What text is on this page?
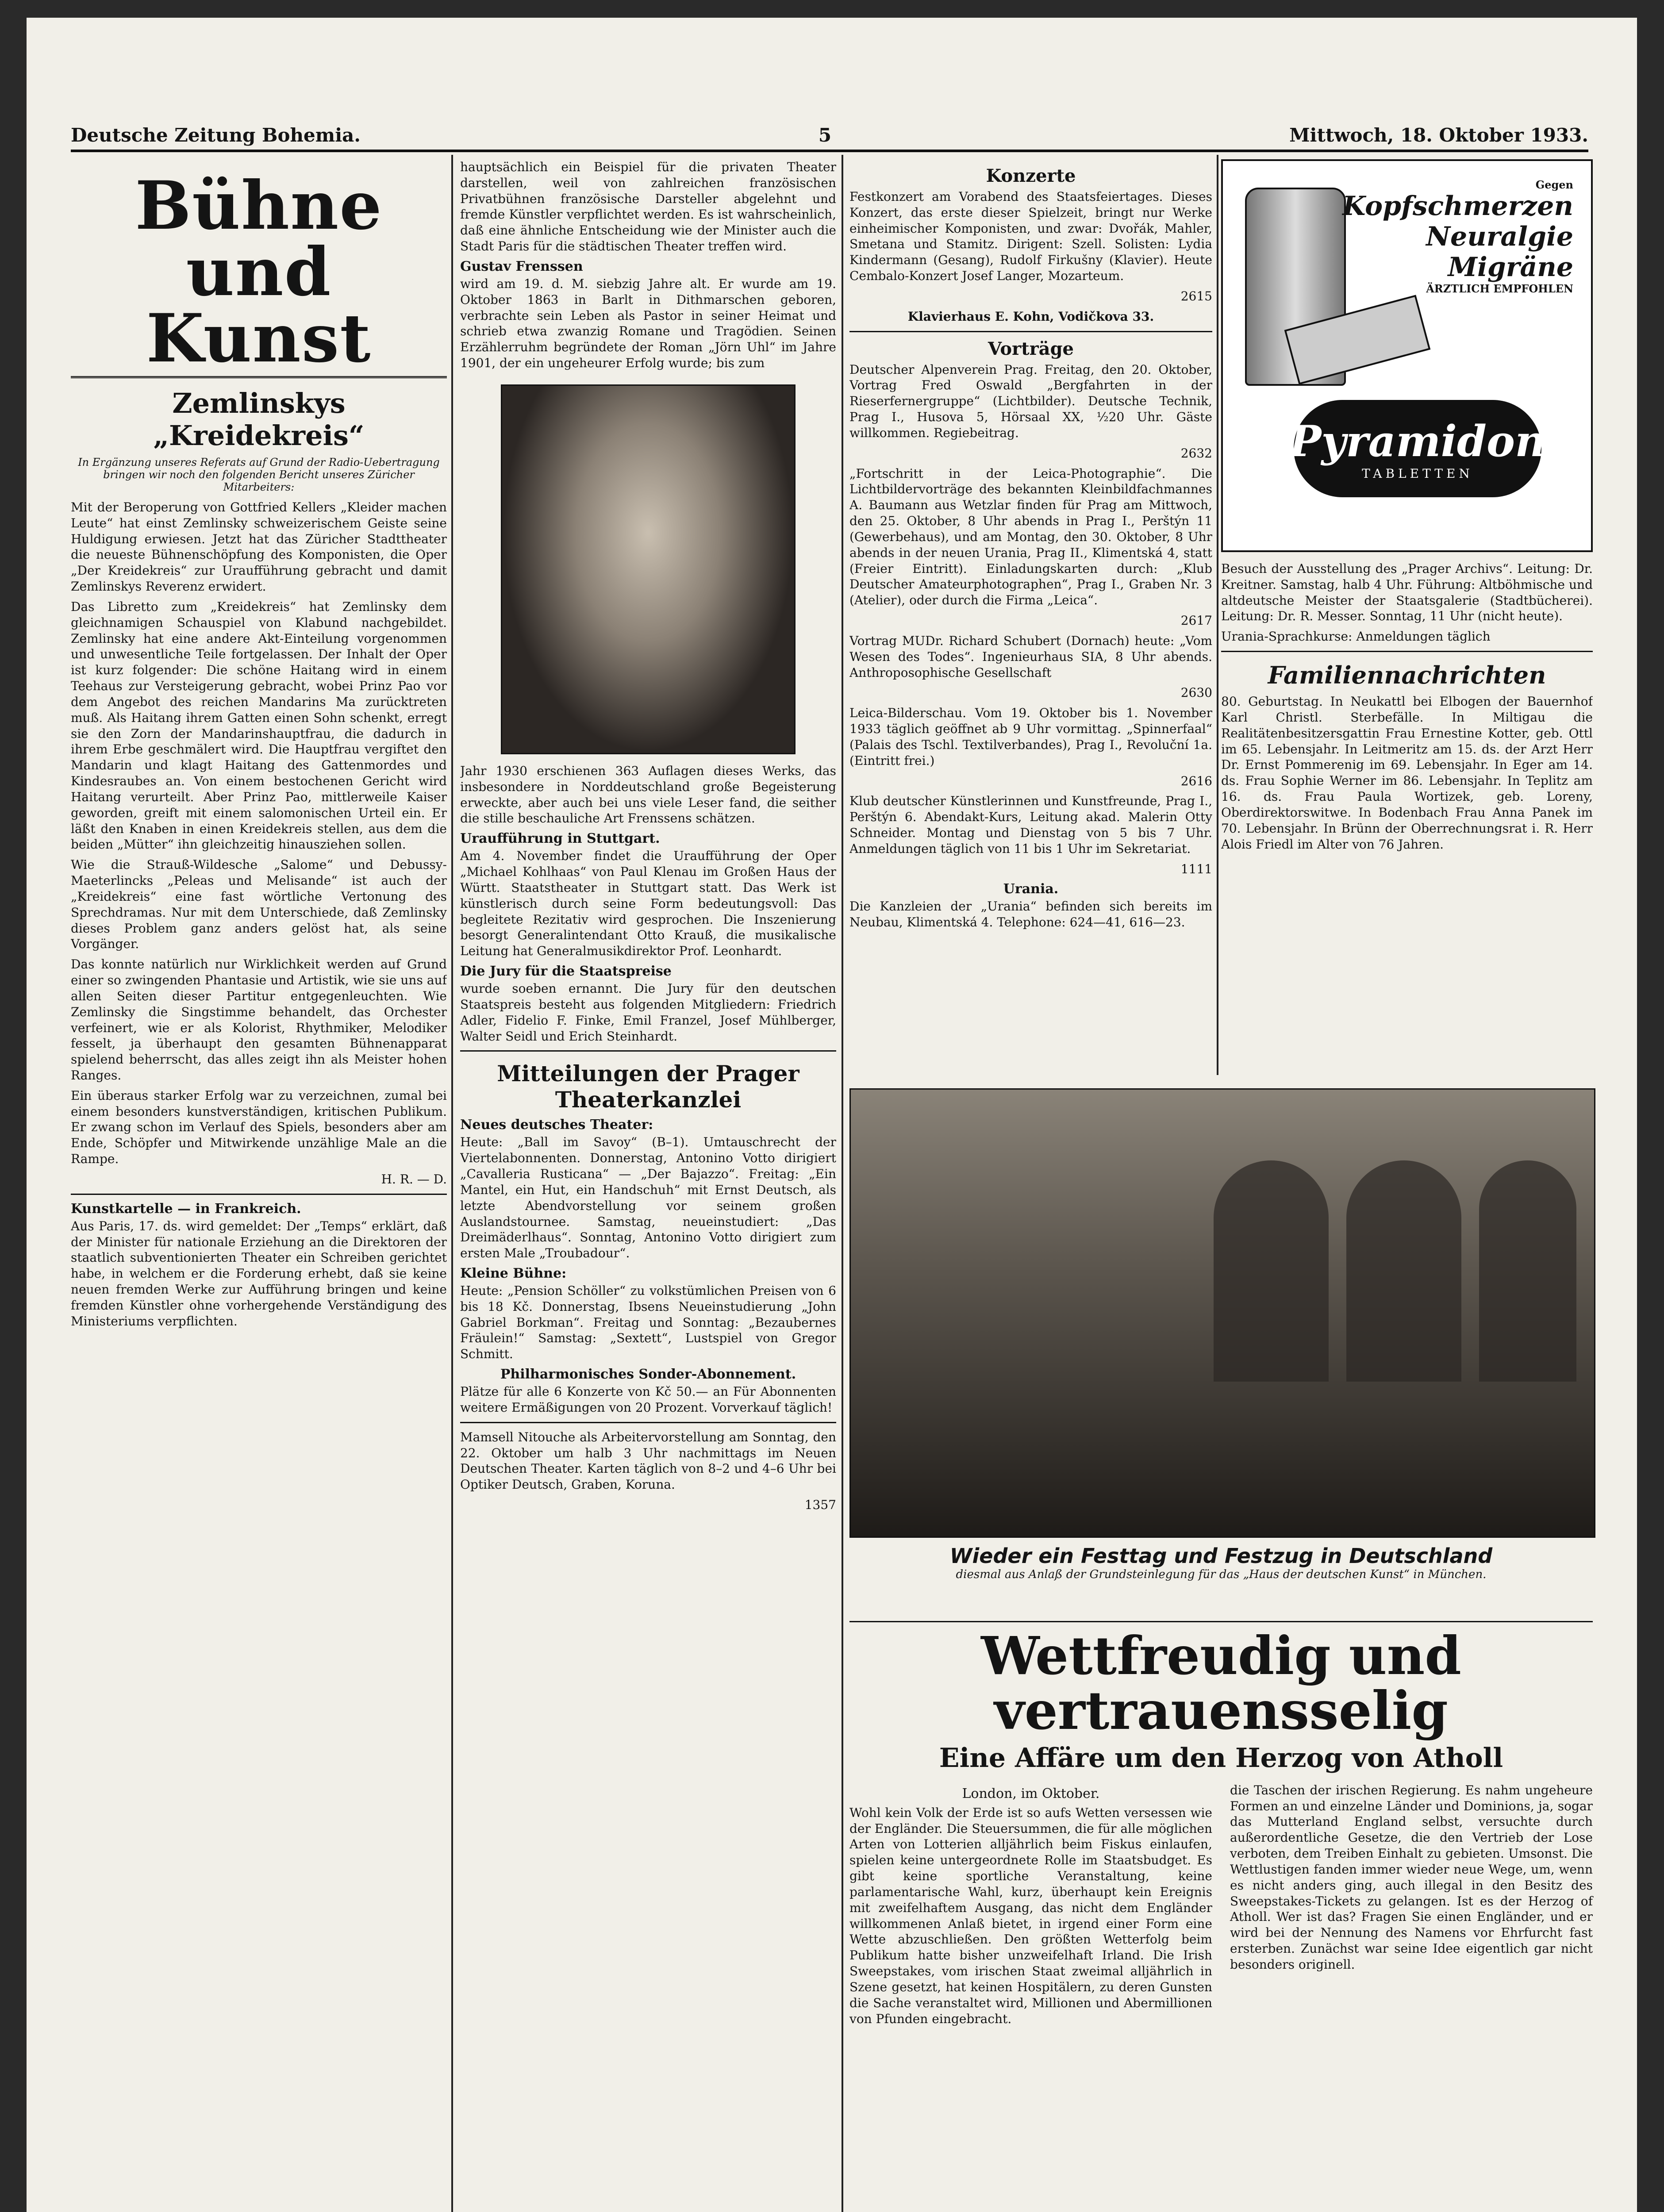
Deutsche Zeitung Bohemia.	5	Mittwoch, 18. Oktober 1933.
Bühne und Kunst
Zemlinskys „Kreidekreis“
In Ergänzung unseres Referats auf Grund der Radio-Uebertragung bringen wir noch den folgenden Bericht unseres Züricher Mitarbeiters:

Mit der Beroperung von Gottfried Kellers „Kleider machen Leute“ hat einst Zemlinsky schweizerischem Geiste seine Huldigung erwiesen. Jetzt hat das Züricher Stadttheater die neueste Bühnenschöpfung des Komponisten, die Oper „Der Kreidekreis“ zur Uraufführung gebracht und damit Zemlinskys Reverenz erwidert.

Das Libretto zum „Kreidekreis“ hat Zemlinsky dem gleichnamigen Schauspiel von Klabund nachgebildet. Zemlinsky hat eine andere Akt-Einteilung vorgenommen und unwesentliche Teile fortgelassen. Der Inhalt der Oper ist kurz folgender: Die schöne Haitang wird in einem Teehaus zur Versteigerung gebracht, wobei Prinz Pao vor dem Angebot des reichen Mandarins Ma zurücktreten muß. Als Haitang ihrem Gatten einen Sohn schenkt, erregt sie den Zorn der Mandarinshauptfrau, die dadurch in ihrem Erbe geschmälert wird. Die Hauptfrau vergiftet den Mandarin und klagt Haitang des Gattenmordes und Kindesraubes an. Von einem bestochenen Gericht wird Haitang verurteilt. Aber Prinz Pao, mittlerweile Kaiser geworden, greift mit einem salomonischen Urteil ein. Er läßt den Knaben in einen Kreidekreis stellen, aus dem die beiden „Mütter“ ihn gleichzeitig hinausziehen sollen.

Wie die Strauß-Wildesche „Salome“ und Debussy-Maeterlincks „Peleas und Melisande“ ist auch der „Kreidekreis“ eine fast wörtliche Vertonung des Sprechdramas. Nur mit dem Unterschiede, daß Zemlinsky dieses Problem ganz anders gelöst hat, als seine Vorgänger.

Das konnte natürlich nur Wirklichkeit werden auf Grund einer so zwingenden Phantasie und Artistik, wie sie uns auf allen Seiten dieser Partitur entgegenleuchten. Wie Zemlinsky die Singstimme behandelt, das Orchester verfeinert, wie er als Kolorist, Rhythmiker, Melodiker fesselt, ja überhaupt den gesamten Bühnenapparat spielend beherrscht, das alles zeigt ihn als Meister hohen Ranges.

Ein überaus starker Erfolg war zu verzeichnen, zumal bei einem besonders kunstverständigen, kritischen Publikum. Er zwang schon im Verlauf des Spiels, besonders aber am Ende, Schöpfer und Mitwirkende unzählige Male an die Rampe.

H. R. — D.

Kunstkartelle — in Frankreich.

Aus Paris, 17. ds. wird gemeldet: Der „Temps“ erklärt, daß der Minister für nationale Erziehung an die Direktoren der staatlich subventionierten Theater ein Schreiben gerichtet habe, in welchem er die Forderung erhebt, daß sie keine neuen fremden Werke zur Aufführung bringen und keine fremden Künstler ohne vorhergehende Verständigung des Ministeriums verpflichten.

hauptsächlich ein Beispiel für die privaten Theater darstellen, weil von zahlreichen französischen Privatbühnen französische Darsteller abgelehnt und fremde Künstler verpflichtet werden. Es ist wahrscheinlich, daß eine ähnliche Entscheidung wie der Minister auch die Stadt Paris für die städtischen Theater treffen wird.

Gustav Frenssen

wird am 19. d. M. siebzig Jahre alt. Er wurde am 19. Oktober 1863 in Barlt in Dithmarschen geboren, verbrachte sein Leben als Pastor in seiner Heimat und schrieb etwa zwanzig Romane und Tragödien. Seinen Erzählerruhm begründete der Roman „Jörn Uhl“ im Jahre 1901, der ein ungeheurer Erfolg wurde; bis zum

Jahr 1930 erschienen 363 Auflagen dieses Werks, das insbesondere in Norddeutschland große Begeisterung erweckte, aber auch bei uns viele Leser fand, die seither die stille beschauliche Art Frenssens schätzen.

Uraufführung in Stuttgart.

Am 4. November findet die Uraufführung der Oper „Michael Kohlhaas“ von Paul Klenau im Großen Haus der Württ. Staatstheater in Stuttgart statt. Das Werk ist künstlerisch durch seine Form bedeutungsvoll: Das begleitete Rezitativ wird gesprochen. Die Inszenierung besorgt Generalintendant Otto Krauß, die musikalische Leitung hat Generalmusikdirektor Prof. Leonhardt.

Die Jury für die Staatspreise

wurde soeben ernannt. Die Jury für den deutschen Staatspreis besteht aus folgenden Mitgliedern: Friedrich Adler, Fidelio F. Finke, Emil Franzel, Josef Mühlberger, Walter Seidl und Erich Steinhardt.

Mitteilungen der Prager Theaterkanzlei
Neues deutsches Theater:

Heute: „Ball im Savoy“ (B–1). Umtauschrecht der Viertelabonnenten. Donnerstag, Antonino Votto dirigiert „Cavalleria Rusticana“ — „Der Bajazzo“. Freitag: „Ein Mantel, ein Hut, ein Handschuh“ mit Ernst Deutsch, als letzte Abendvorstellung vor seinem großen Auslandstournee. Samstag, neueinstudiert: „Das Dreimäderlhaus“. Sonntag, Antonino Votto dirigiert zum ersten Male „Troubadour“.

Kleine Bühne:

Heute: „Pension Schöller“ zu volkstümlichen Preisen von 6 bis 18 Kč. Donnerstag, Ibsens Neueinstudierung „John Gabriel Borkman“. Freitag und Sonntag: „Bezaubernes Fräulein!“ Samstag: „Sextett“, Lustspiel von Gregor Schmitt.

Philharmonisches Sonder-Abonnement.

Plätze für alle 6 Konzerte von Kč 50.— an Für Abonnenten weitere Ermäßigungen von 20 Prozent. Vorverkauf täglich!

Mamsell Nitouche als Arbeitervorstellung am Sonntag, den 22. Oktober um halb 3 Uhr nachmittags im Neuen Deutschen Theater. Karten täglich von 8–2 und 4–6 Uhr bei Optiker Deutsch, Graben, Koruna.

1357

Konzerte

Festkonzert am Vorabend des Staatsfeiertages. Dieses Konzert, das erste dieser Spielzeit, bringt nur Werke einheimischer Komponisten, und zwar: Dvořák, Mahler, Smetana und Stamitz. Dirigent: Szell. Solisten: Lydia Kindermann (Gesang), Rudolf Firkušny (Klavier). Heute Cembalo-Konzert Josef Langer, Mozarteum.

2615

Klavierhaus E. Kohn, Vodičkova 33.

Vorträge

Deutscher Alpenverein Prag. Freitag, den 20. Oktober, Vortrag Fred Oswald „Bergfahrten in der Rieserfernergruppe“ (Lichtbilder). Deutsche Technik, Prag I., Husova 5, Hörsaal XX, ½20 Uhr. Gäste willkommen. Regiebeitrag.

2632

„Fortschritt in der Leica-Photographie“. Die Lichtbildervorträge des bekannten Kleinbildfachmannes A. Baumann aus Wetzlar finden für Prag am Mittwoch, den 25. Oktober, 8 Uhr abends in Prag I., Perštýn 11 (Gewerbehaus), und am Montag, den 30. Oktober, 8 Uhr abends in der neuen Urania, Prag II., Klimentská 4, statt (Freier Eintritt). Einladungskarten durch: „Klub Deutscher Amateurphotographen“, Prag I., Graben Nr. 3 (Atelier), oder durch die Firma „Leica“.

2617

Vortrag MUDr. Richard Schubert (Dornach) heute: „Vom Wesen des Todes“. Ingenieurhaus SIA, 8 Uhr abends. Anthroposophische Gesellschaft

2630

Leica-Bilderschau. Vom 19. Oktober bis 1. November 1933 täglich geöffnet ab 9 Uhr vormittag. „Spinnerfaal“ (Palais des Tschl. Textilverbandes), Prag I., Revoluční 1a. (Eintritt frei.)

2616

Klub deutscher Künstlerinnen und Kunstfreunde, Prag I., Perštýn 6. Abendakt-Kurs, Leitung akad. Malerin Otty Schneider. Montag und Dienstag von 5 bis 7 Uhr. Anmeldungen täglich von 11 bis 1 Uhr im Sekretariat.

1111

Urania.

Die Kanzleien der „Urania“ befinden sich bereits im Neubau, Klimentská 4. Telephone: 624—41, 616—23.

Gegen
Kopfschmerzen
Neuralgie
Migräne
ÄRZTLICH EMPFOHLEN
Pyramidon
TABLETTEN

Besuch der Ausstellung des „Prager Archivs“. Leitung: Dr. Kreitner. Samstag, halb 4 Uhr. Führung: Altböhmische und altdeutsche Meister der Staatsgalerie (Stadtbücherei). Leitung: Dr. R. Messer. Sonntag, 11 Uhr (nicht heute).

Urania-Sprachkurse: Anmeldungen täglich

Familiennachrichten

80. Geburtstag. In Neukattl bei Elbogen der Bauernhof Karl Christl. Sterbefälle. In Miltigau die Realitätenbesitzersgattin Frau Ernestine Kotter, geb. Ottl im 65. Lebensjahr. In Leitmeritz am 15. ds. der Arzt Herr Dr. Ernst Pommerenig im 69. Lebensjahr. In Eger am 14. ds. Frau Sophie Werner im 86. Lebensjahr. In Teplitz am 16. ds. Frau Paula Wortizek, geb. Loreny, Oberdirektorswitwe. In Bodenbach Frau Anna Panek im 70. Lebensjahr. In Brünn der Oberrechnungsrat i. R. Herr Alois Friedl im Alter von 76 Jahren.

Wieder ein Festtag und Festzug in Deutschland
diesmal aus Anlaß der Grundsteinlegung für das „Haus der deutschen Kunst“ in München.
Wettfreudig und vertrauensselig
Eine Affäre um den Herzog von Atholl
London, im Oktober.

Wohl kein Volk der Erde ist so aufs Wetten versessen wie der Engländer. Die Steuersummen, die für alle möglichen Arten von Lotterien alljährlich beim Fiskus einlaufen, spielen keine untergeordnete Rolle im Staatsbudget. Es gibt keine sportliche Veranstaltung, keine parlamentarische Wahl, kurz, überhaupt kein Ereignis mit zweifelhaftem Ausgang, das nicht dem Engländer willkommenen Anlaß bietet, in irgend einer Form eine Wette abzuschließen. Den größten Wetterfolg beim Publikum hatte bisher unzweifelhaft Irland. Die Irish Sweepstakes, vom irischen Staat zweimal alljährlich in Szene gesetzt, hat keinen Hospitälern, zu deren Gunsten die Sache veranstaltet wird, Millionen und Abermillionen von Pfunden eingebracht.

die Taschen der irischen Regierung. Es nahm ungeheure Formen an und einzelne Länder und Dominions, ja, sogar das Mutterland England selbst, versuchte durch außerordentliche Gesetze, die den Vertrieb der Lose verboten, dem Treiben Einhalt zu gebieten. Umsonst. Die Wettlustigen fanden immer wieder neue Wege, um, wenn es nicht anders ging, auch illegal in den Besitz des Sweepstakes-Tickets zu gelangen. Ist es der Herzog of Atholl. Wer ist das? Fragen Sie einen Engländer, und er wird bei der Nennung des Namens vor Ehrfurcht fast ersterben. Zunächst war seine Idee eigentlich gar nicht besonders originell.
